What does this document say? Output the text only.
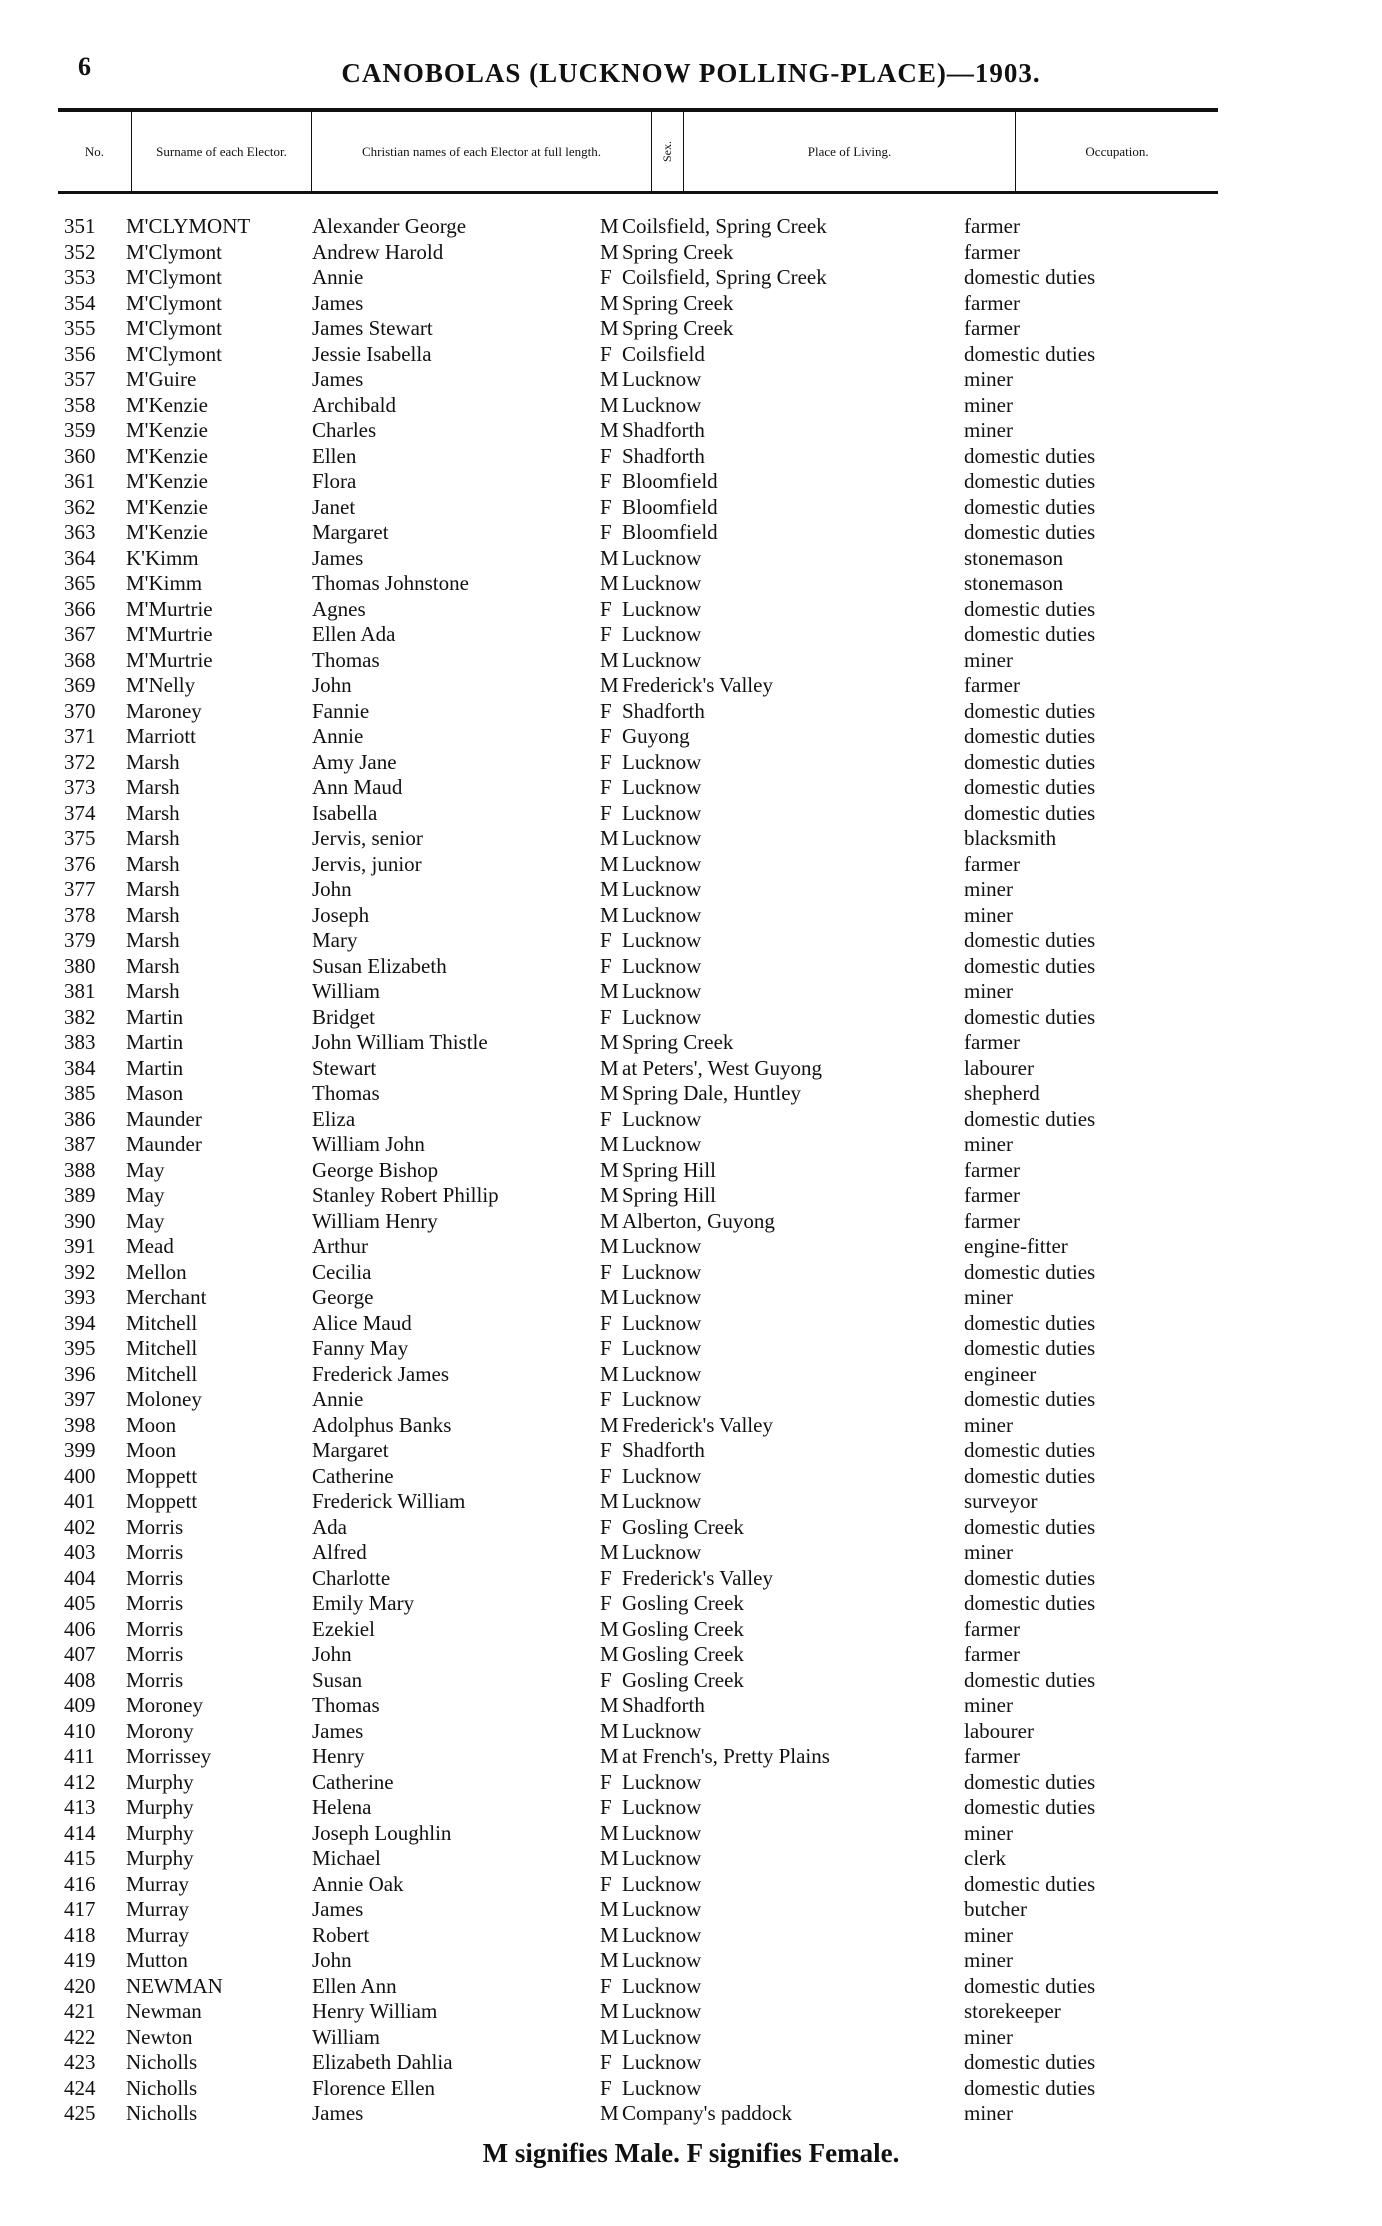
6	CANOBOLAS (LUCKNOW POLLING-PLACE)—1903.
No.	Surname of each Elector.	Christian names of each Elector at full length.	Sex.	Place of Living.	Occupation.
351	M'CLYMONT	Alexander George	M Coilsfield, Spring Creek	farmer
352	M'Clymont	Andrew Harold	M Spring Creek	farmer
353	M'Clymont	Annie	F Coilsfield, Spring Creek	domestic duties
354	M'Clymont	James	M Spring Creek	farmer
355	M'Clymont	James Stewart	M Spring Creek	farmer
356	M'Clymont	Jessie Isabella	F Coilsfield	domestic duties
357	M'Guire	James	M Lucknow	miner
358	M'Kenzie	Archibald	M Lucknow	miner
359	M'Kenzie	Charles	M Shadforth	miner
360	M'Kenzie	Ellen	F Shadforth	domestic duties
361	M'Kenzie	Flora	F Bloomfield	domestic duties
362	M'Kenzie	Janet	F Bloomfield	domestic duties
363	M'Kenzie	Margaret	F Bloomfield	domestic duties
364	K'Kimm	James	M Lucknow	stonemason
365	M'Kimm	Thomas Johnstone	M Lucknow	stonemason
366	M'Murtrie	Agnes	F Lucknow	domestic duties
367	M'Murtrie	Ellen Ada	F Lucknow	domestic duties
368	M'Murtrie	Thomas	M Lucknow	miner
369	M'Nelly	John	M Frederick's Valley	farmer
370	Maroney	Fannie	F Shadforth	domestic duties
371	Marriott	Annie	F Guyong	domestic duties
372	Marsh	Amy Jane	F Lucknow	domestic duties
373	Marsh	Ann Maud	F Lucknow	domestic duties
374	Marsh	Isabella	F Lucknow	domestic duties
375	Marsh	Jervis, senior	M Lucknow	blacksmith
376	Marsh	Jervis, junior	M Lucknow	farmer
377	Marsh	John	M Lucknow	miner
378	Marsh	Joseph	M Lucknow	miner
379	Marsh	Mary	F Lucknow	domestic duties
380	Marsh	Susan Elizabeth	F Lucknow	domestic duties
381	Marsh	William	M Lucknow	miner
382	Martin	Bridget	F Lucknow	domestic duties
383	Martin	John William Thistle	M Spring Creek	farmer
384	Martin	Stewart	M at Peters', West Guyong	labourer
385	Mason	Thomas	M Spring Dale, Huntley	shepherd
386	Maunder	Eliza	F Lucknow	domestic duties
387	Maunder	William John	M Lucknow	miner
388	May	George Bishop	M Spring Hill	farmer
389	May	Stanley Robert Phillip	M Spring Hill	farmer
390	May	William Henry	M Alberton, Guyong	farmer
391	Mead	Arthur	M Lucknow	engine-fitter
392	Mellon	Cecilia	F Lucknow	domestic duties
393	Merchant	George	M Lucknow	miner
394	Mitchell	Alice Maud	F Lucknow	domestic duties
395	Mitchell	Fanny May	F Lucknow	domestic duties
396	Mitchell	Frederick James	M Lucknow	engineer
397	Moloney	Annie	F Lucknow	domestic duties
398	Moon	Adolphus Banks	M Frederick's Valley	miner
399	Moon	Margaret	F Shadforth	domestic duties
400	Moppett	Catherine	F Lucknow	domestic duties
401	Moppett	Frederick William	M Lucknow	surveyor
402	Morris	Ada	F Gosling Creek	domestic duties
403	Morris	Alfred	M Lucknow	miner
404	Morris	Charlotte	F Frederick's Valley	domestic duties
405	Morris	Emily Mary	F Gosling Creek	domestic duties
406	Morris	Ezekiel	M Gosling Creek	farmer
407	Morris	John	M Gosling Creek	farmer
408	Morris	Susan	F Gosling Creek	domestic duties
409	Moroney	Thomas	M Shadforth	miner
410	Morony	James	M Lucknow	labourer
411	Morrissey	Henry	M at French's, Pretty Plains	farmer
412	Murphy	Catherine	F Lucknow	domestic duties
413	Murphy	Helena	F Lucknow	domestic duties
414	Murphy	Joseph Loughlin	M Lucknow	miner
415	Murphy	Michael	M Lucknow	clerk
416	Murray	Annie Oak	F Lucknow	domestic duties
417	Murray	James	M Lucknow	butcher
418	Murray	Robert	M Lucknow	miner
419	Mutton	John	M Lucknow	miner
420	NEWMAN	Ellen Ann	F Lucknow	domestic duties
421	Newman	Henry William	M Lucknow	storekeeper
422	Newton	William	M Lucknow	miner
423	Nicholls	Elizabeth Dahlia	F Lucknow	domestic duties
424	Nicholls	Florence Ellen	F Lucknow	domestic duties
425	Nicholls	James	M Company's paddock	miner
M signifies Male. F signifies Female.
